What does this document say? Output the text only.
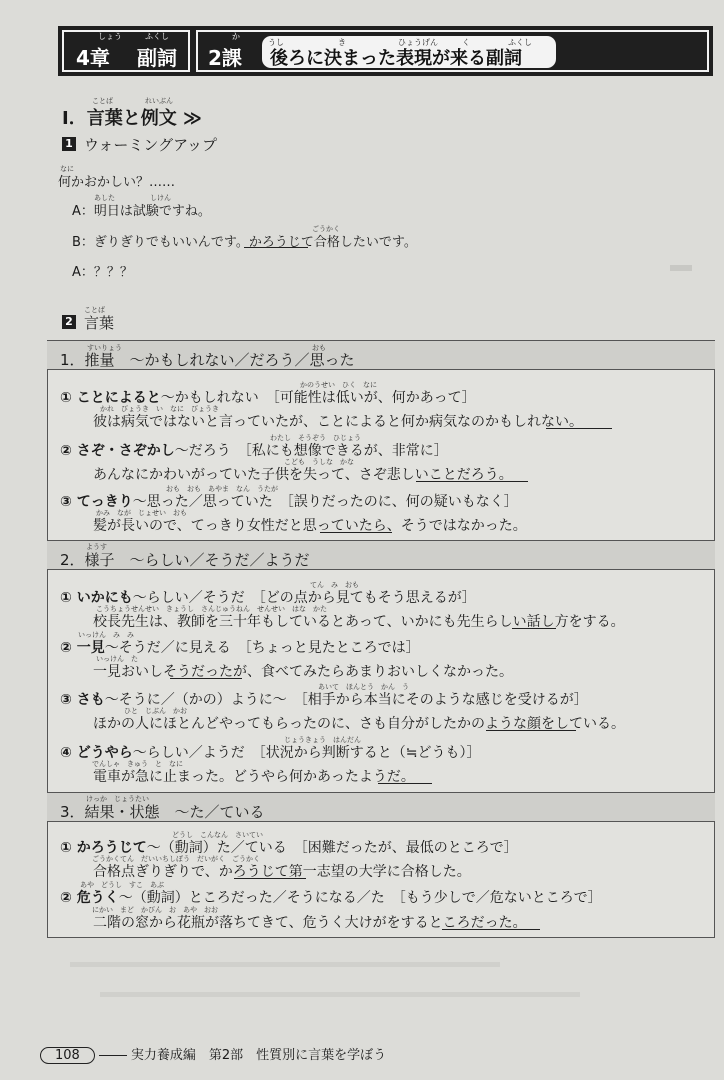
しょう	ふくし
4章 副詞
か
2課
うし	き	ひょうげん	く	ふくし
後ろに決まった表現が来る副詞
ことば	れいぶん
Ⅰ．言葉と例文 ≫
1 ウォーミングアップ
なに
何かおかしい？……
あした	しけん
A：明日は試験ですね。
ごうかく
B：ぎりぎりでもいいんです。かろうじて合格したいです。
A：？？？
ことば
2 言葉
すいりょう	おも
1．推量　～かもしれない／だろう／思った
かのうせい　ひく　なに
① ことによると～かもしれない　［可能性は低いが、何かあって］
かれ　びょうき　い　なに　びょうき
彼は病気ではないと言っていたが、ことによると何か病気なのかもしれない。
わたし　そうぞう　ひじょう
② さぞ・さぞかし～だろう　［私にも想像できるが、非常に］
こども　うしな　かな
あんなにかわいがっていた子供を失って、さぞ悲しいことだろう。
おも　おも　あやま　なん　うたが
③ てっきり～思った／思っていた　［誤りだったのに、何の疑いもなく］
かみ　なが　じょせい　おも
髪が長いので、てっきり女性だと思っていたら、そうではなかった。
ようす
2．様子　～らしい／そうだ／ようだ
てん　み　おも
① いかにも～らしい／そうだ　［どの点から見てもそう思えるが］
こうちょうせんせい　きょうし　さんじゅうねん　せんせい　はな　かた
校長先生は、教師を三十年もしているとあって、いかにも先生らしい話し方をする。
いっけん　み　み
② 一見～そうだ／に見える　［ちょっと見たところでは］
いっけん　た
一見おいしそうだったが、食べてみたらあまりおいしくなかった。
あいて　ほんとう　かん　う
③ さも～そうに／（かの）ように～　［相手から本当にそのような感じを受けるが］
ひと　じぶん　かお
ほかの人にほとんどやってもらったのに、さも自分がしたかのような顔をしている。
じょうきょう　はんだん
④ どうやら～らしい／ようだ　［状況から判断すると（≒どうも）］
でんしゃ　きゅう　と　なに
電車が急に止まった。どうやら何かあったようだ。
けっか　じょうたい
3．結果・状態　～た／ている
どうし　こんなん　さいてい
① かろうじて～（動詞）た／ている　［困難だったが、最低のところで］
ごうかくてん　だいいちしぼう　だいがく　ごうかく
合格点ぎりぎりで、かろうじて第一志望の大学に合格した。
あや　どうし　すこ　あぶ
② 危うく～（動詞）ところだった／そうになる／た　［もう少しで／危ないところで］
にかい　まど　かびん　お　あや　おお
二階の窓から花瓶が落ちてきて、危うく大けがをするところだった。
108	実力養成編　第2部　性質別に言葉を学ぼう
